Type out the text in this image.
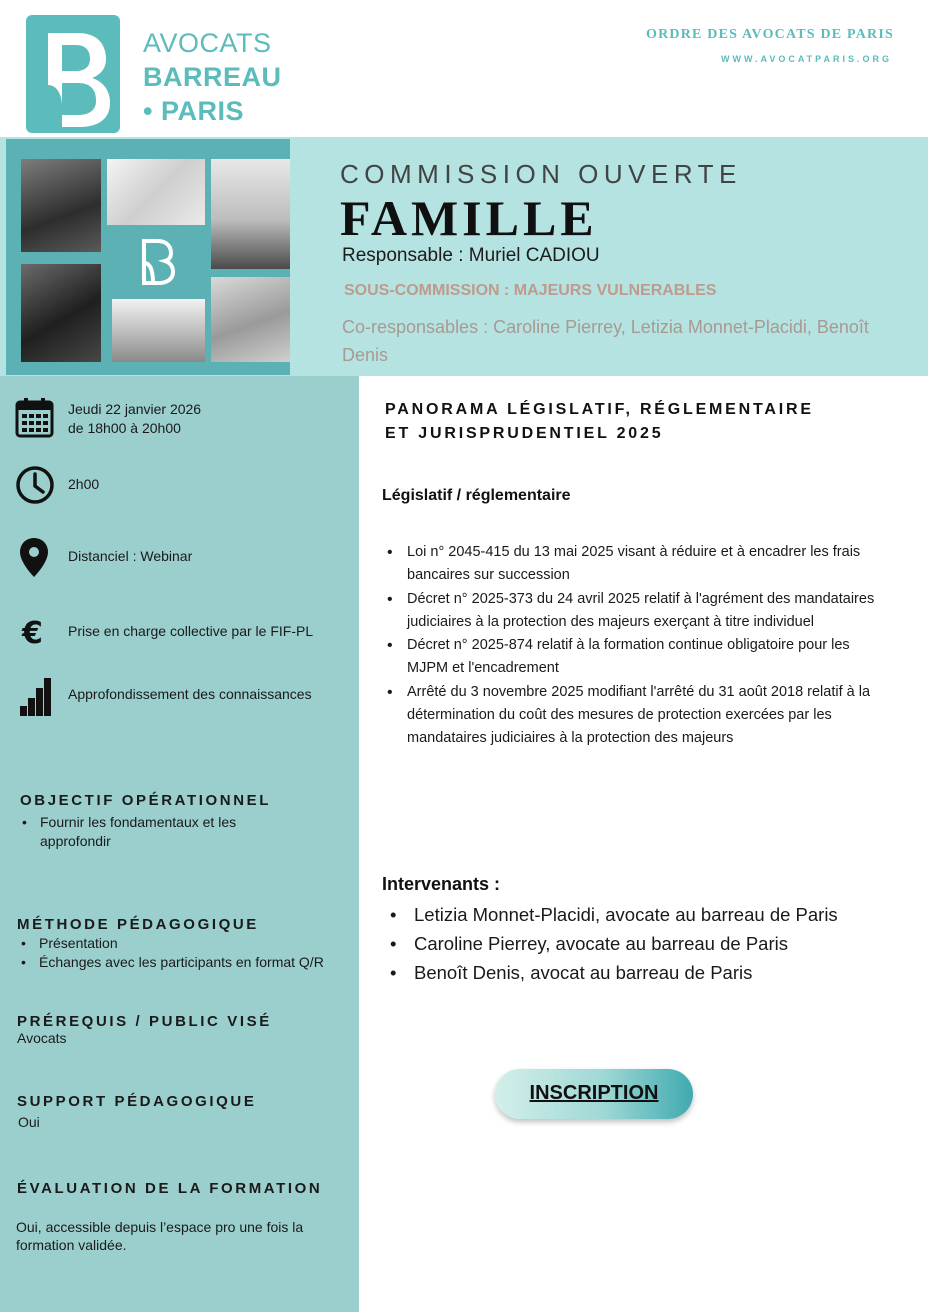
AVOCATS
BARREAU
• PARIS
ORDRE DES AVOCATS DE PARIS
WWW.AVOCATPARIS.ORG
COMMISSION OUVERTE
FAMILLE
Responsable : Muriel CADIOU
SOUS-COMMISSION : MAJEURS VULNERABLES
Co-responsables : Caroline Pierrey, Letizia Monnet-Placidi, Benoît Denis
Jeudi 22 janvier 2026
de 18h00 à 20h00
2h00
Distanciel : Webinar
€ Prise en charge collective par le FIF-PL
Approfondissement des connaissances
OBJECTIF OPÉRATIONNEL
• Fournir les fondamentaux et les approfondir
MÉTHODE PÉDAGOGIQUE
• Présentation
• Échanges avec les participants en format Q/R
PRÉREQUIS / PUBLIC VISÉ
Avocats
SUPPORT PÉDAGOGIQUE
Oui
ÉVALUATION DE LA FORMATION
Oui, accessible depuis l’espace pro une fois la formation validée.
PANORAMA LÉGISLATIF, RÉGLEMENTAIRE
ET JURISPRUDENTIEL 2025
Législatif / réglementaire
• Loi n° 2045-415 du 13 mai 2025 visant à réduire et à encadrer les frais bancaires sur succession
• Décret n° 2025-373 du 24 avril 2025 relatif à l'agrément des mandataires judiciaires à la protection des majeurs exerçant à titre individuel
• Décret n° 2025-874 relatif à la formation continue obligatoire pour les MJPM et l'encadrement
• Arrêté du 3 novembre 2025 modifiant l'arrêté du 31 août 2018 relatif à la détermination du coût des mesures de protection exercées par les mandataires judiciaires à la protection des majeurs
Intervenants :
• Letizia Monnet-Placidi, avocate au barreau de Paris
• Caroline Pierrey, avocate au barreau de Paris
• Benoît Denis, avocat au barreau de Paris
INSCRIPTION
